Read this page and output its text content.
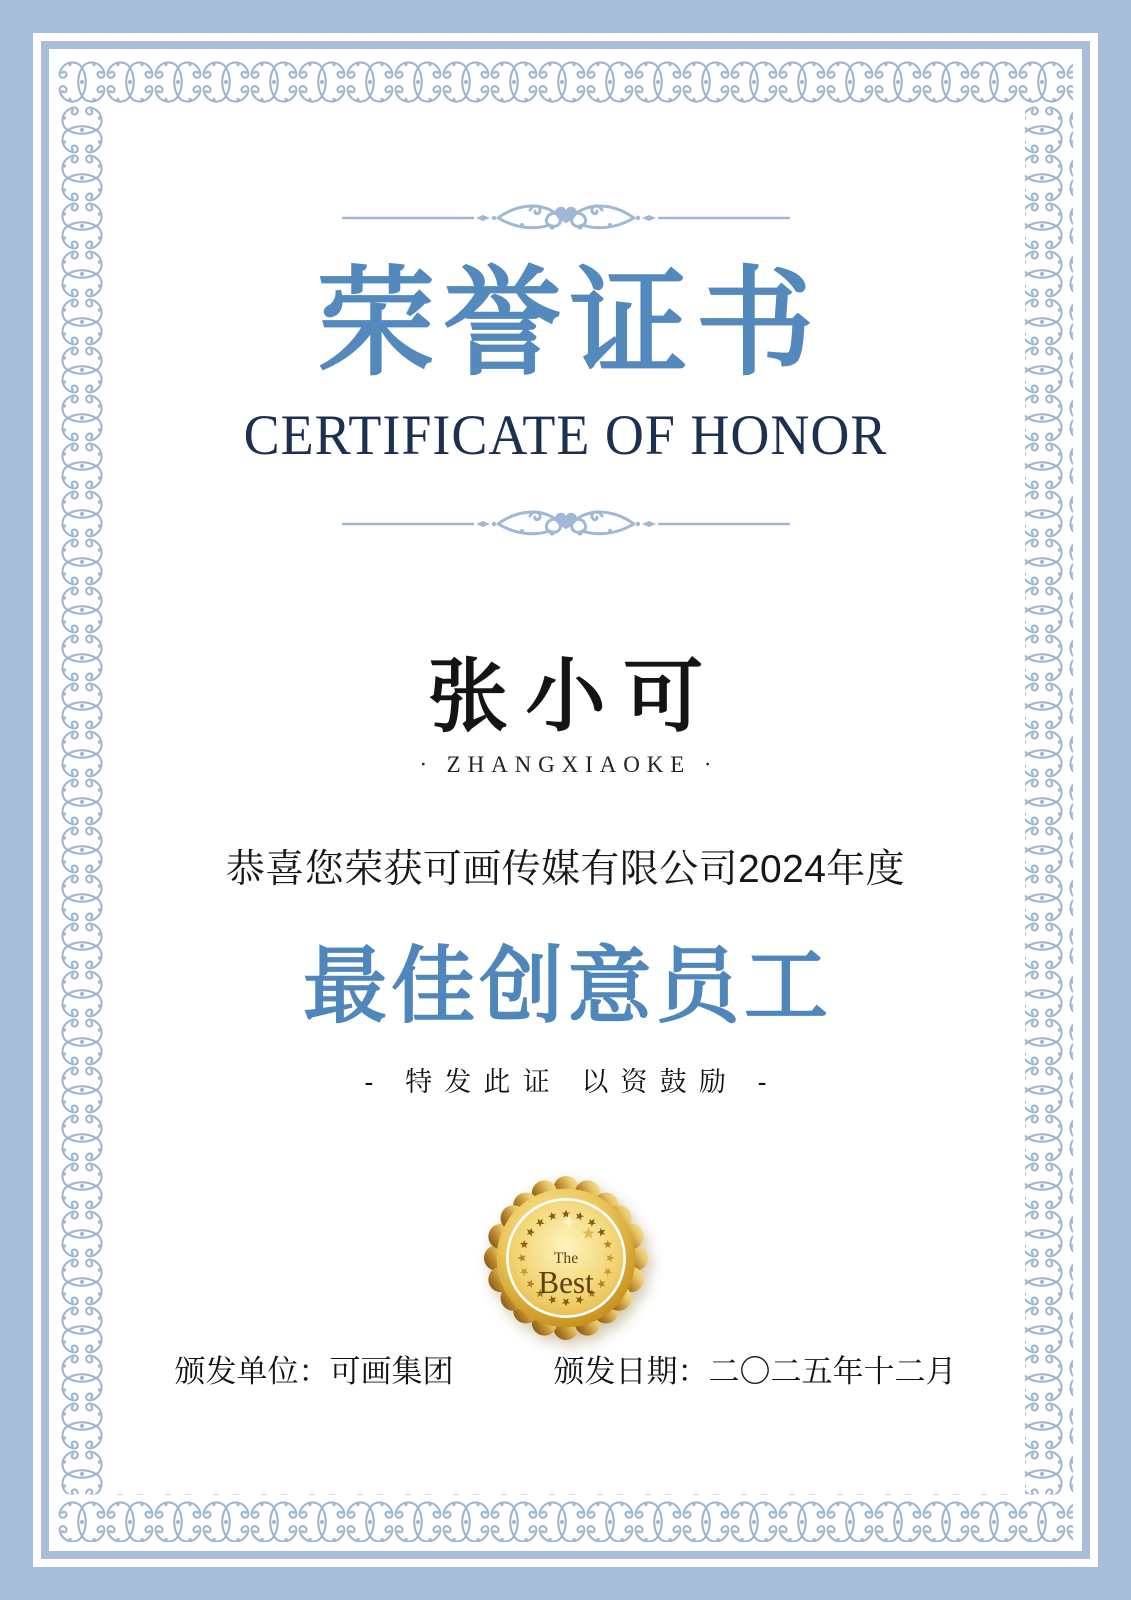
荣誉证书
CERTIFICATE OF HONOR
张小可
· ZHANGXIAOKE ·
恭喜您荣获可画传媒有限公司2024年度
最佳创意员工
- 特发此证 以资鼓励 -
The
Best
颁发单位：可画集团	颁发日期：二〇二五年十二月
